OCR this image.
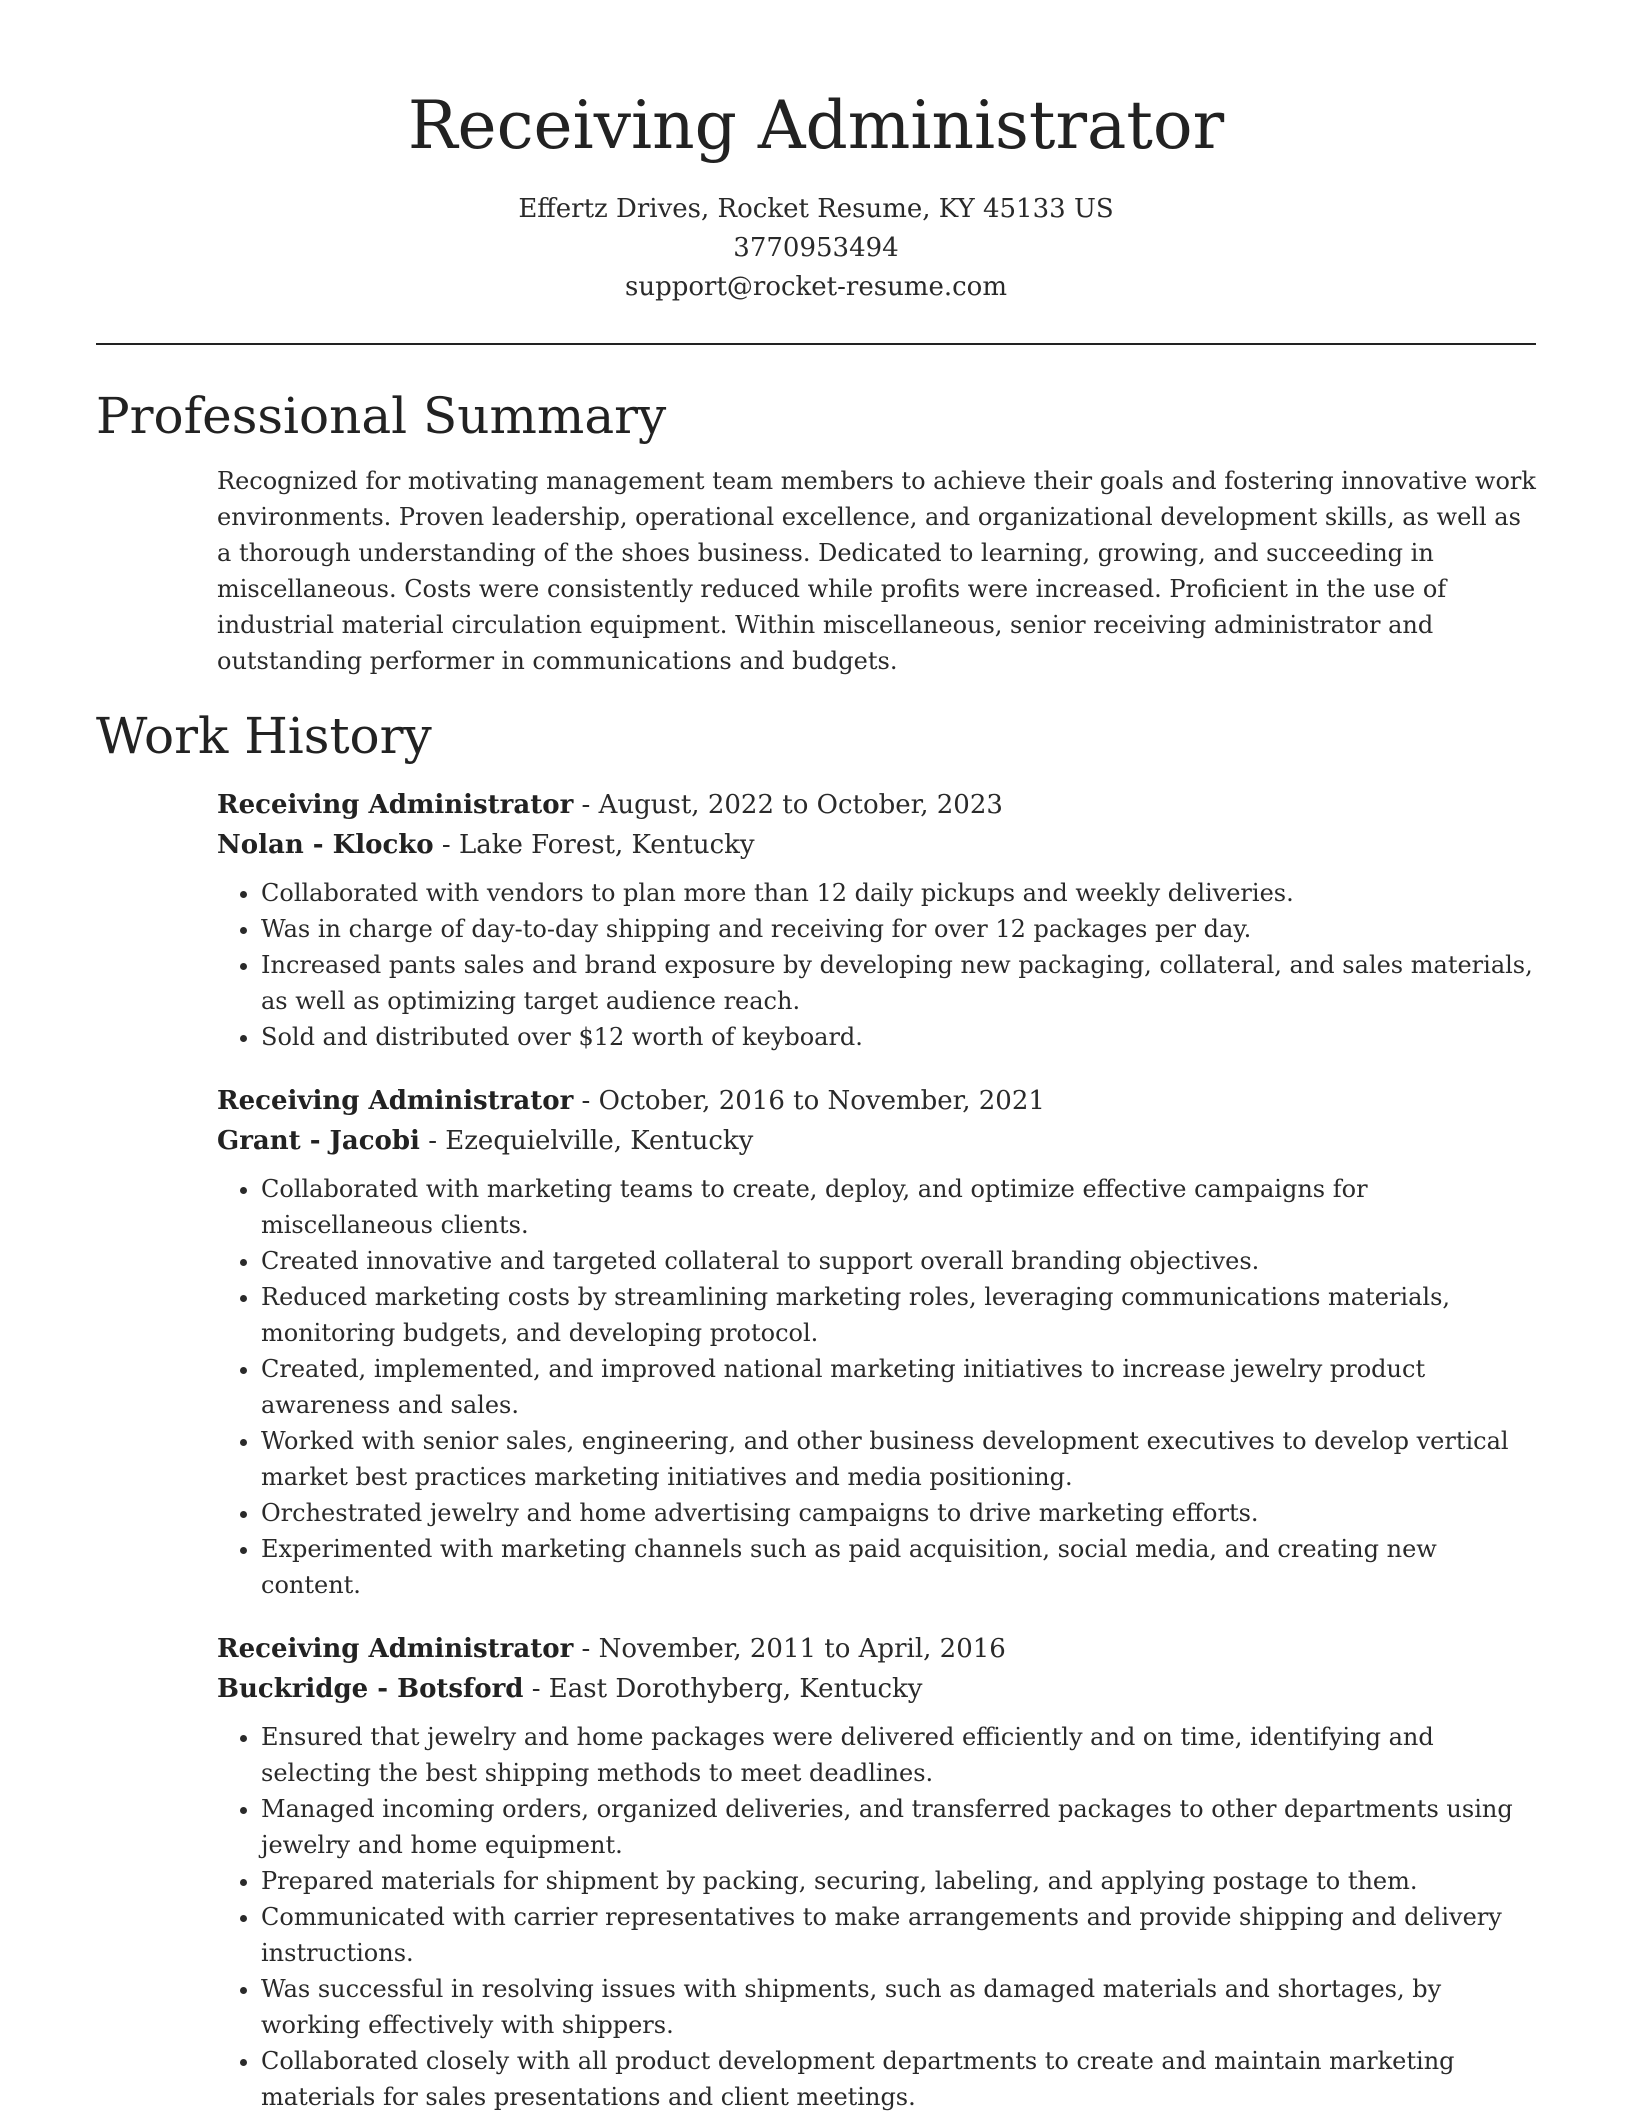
Receiving Administrator

Effertz Drives, Rocket Resume, KY 45133 US

3770953494

support@rocket-resume.com

Professional Summary

Recognized for motivating management team members to achieve their goals and fostering innovative work environments. Proven leadership, operational excellence, and organizational development skills, as well as a thorough understanding of the shoes business. Dedicated to learning, growing, and succeeding in miscellaneous. Costs were consistently reduced while profits were increased. Proficient in the use of industrial material circulation equipment. Within miscellaneous, senior receiving administrator and outstanding performer in communications and budgets.

Work History

Receiving Administrator - August, 2022 to October, 2023

Nolan - Klocko - Lake Forest, Kentucky

• Collaborated with vendors to plan more than 12 daily pickups and weekly deliveries.
• Was in charge of day-to-day shipping and receiving for over 12 packages per day.
• Increased pants sales and brand exposure by developing new packaging, collateral, and sales materials, as well as optimizing target audience reach.
• Sold and distributed over $12 worth of keyboard.

Receiving Administrator - October, 2016 to November, 2021

Grant - Jacobi - Ezequielville, Kentucky

• Collaborated with marketing teams to create, deploy, and optimize effective campaigns for miscellaneous clients.
• Created innovative and targeted collateral to support overall branding objectives.
• Reduced marketing costs by streamlining marketing roles, leveraging communications materials, monitoring budgets, and developing protocol.
• Created, implemented, and improved national marketing initiatives to increase jewelry product awareness and sales.
• Worked with senior sales, engineering, and other business development executives to develop vertical market best practices marketing initiatives and media positioning.
• Orchestrated jewelry and home advertising campaigns to drive marketing efforts.
• Experimented with marketing channels such as paid acquisition, social media, and creating new content.

Receiving Administrator - November, 2011 to April, 2016

Buckridge - Botsford - East Dorothyberg, Kentucky

• Ensured that jewelry and home packages were delivered efficiently and on time, identifying and selecting the best shipping methods to meet deadlines.
• Managed incoming orders, organized deliveries, and transferred packages to other departments using jewelry and home equipment.
• Prepared materials for shipment by packing, securing, labeling, and applying postage to them.
• Communicated with carrier representatives to make arrangements and provide shipping and delivery instructions.
• Was successful in resolving issues with shipments, such as damaged materials and shortages, by working effectively with shippers.
• Collaborated closely with all product development departments to create and maintain marketing materials for sales presentations and client meetings.
